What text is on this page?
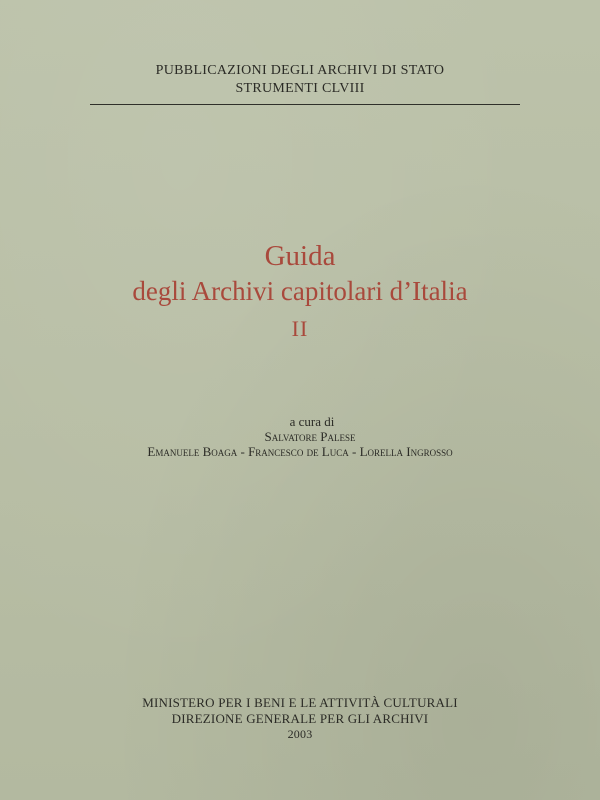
PUBBLICAZIONI DEGLI ARCHIVI DI STATO
STRUMENTI CLVIII
Guida
degli Archivi capitolari d’Italia
II
a cura di
Salvatore Palese
Emanuele Boaga - Francesco de Luca - Lorella Ingrosso
MINISTERO PER I BENI E LE ATTIVITÀ CULTURALI
DIREZIONE GENERALE PER GLI ARCHIVI
2003
